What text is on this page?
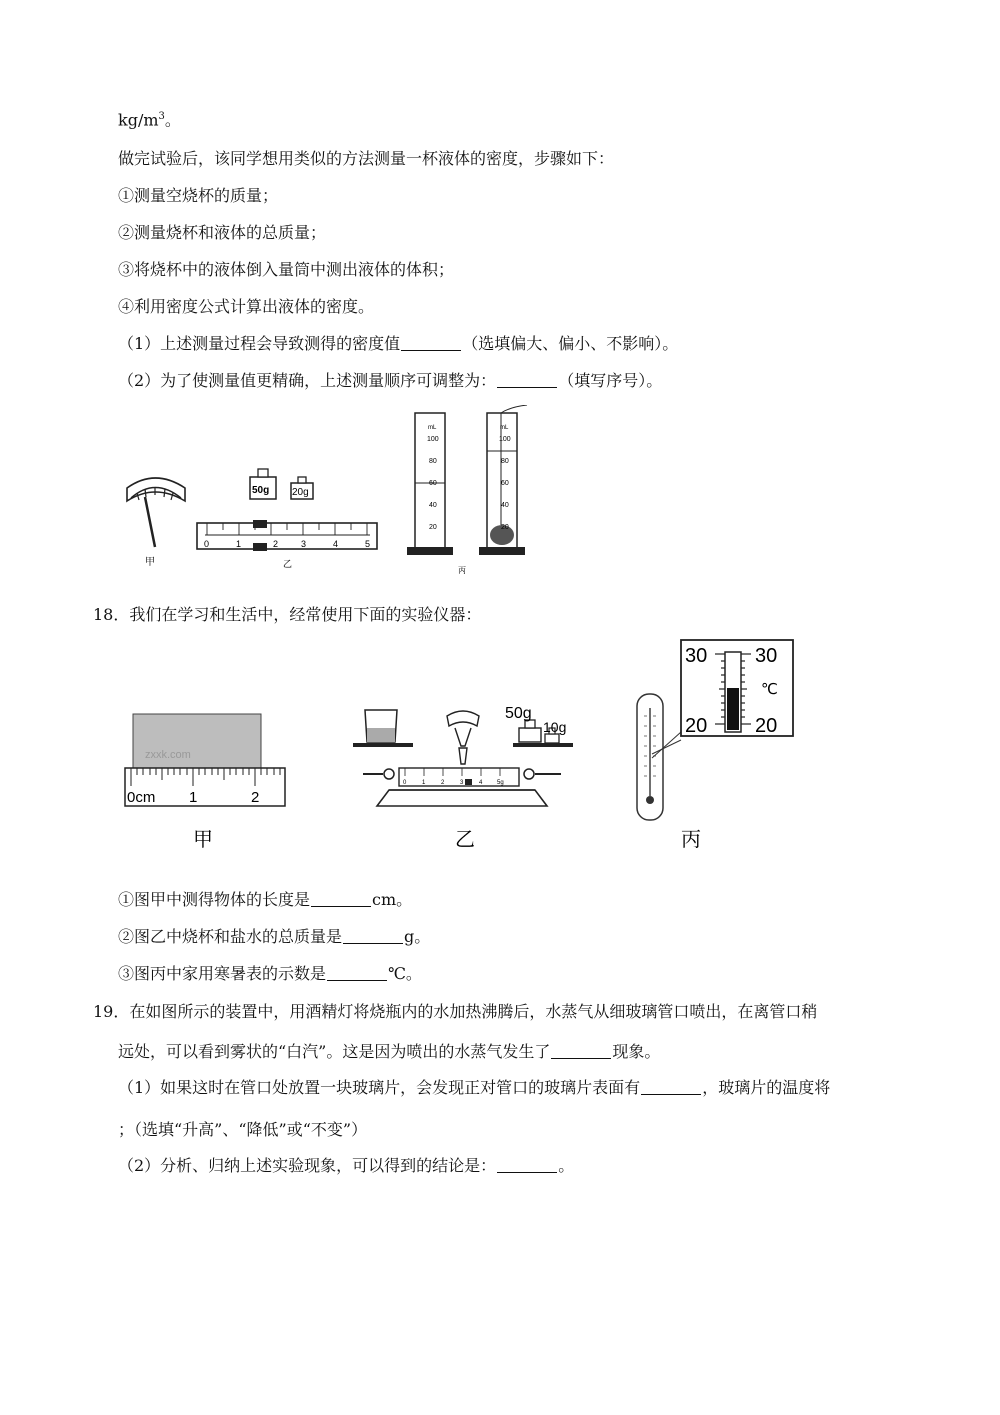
$kg/m^3$。
做完试验后，该同学想用类似的方法测量一杯液体的密度，步骤如下：
①测量空烧杯的质量；
②测量烧杯和液体的总质量；
③将烧杯中的液体倒入量筒中测出液体的体积；
④利用密度公式计算出液体的密度。
（1）上述测量过程会导致测得的密度值	（选填偏大、偏小、不影响）。
（2）为了使测量值更精确，上述测量顺序可调整为：	（填写序号）。
甲
50g 20g
0	1	2	3	4	5
乙
mL
100
80
60
40
20
mL
100
80
60
40
20
丙
18．我们在学习和生活中，经常使用下面的实验仪器：
zxxk.com
0cm 1	2
甲
50g
10g
0	1	2	3	4 5g
乙
30 30
20 20
℃
丙
①图甲中测得物体的长度是	cm。
②图乙中烧杯和盐水的总质量是	g。
③图丙中家用寒暑表的示数是	℃。
19．在如图所示的装置中，用酒精灯将烧瓶内的水加热沸腾后，水蒸气从细玻璃管口喷出，在离管口稍
远处，可以看到雾状的“白汽”。这是因为喷出的水蒸气发生了	现象。
（1）如果这时在管口处放置一块玻璃片，会发现正对管口的玻璃片表面有	，玻璃片的温度将
；（选填“升高”、“降低”或“不变”）
（2）分析、归纳上述实验现象，可以得到的结论是：	。
